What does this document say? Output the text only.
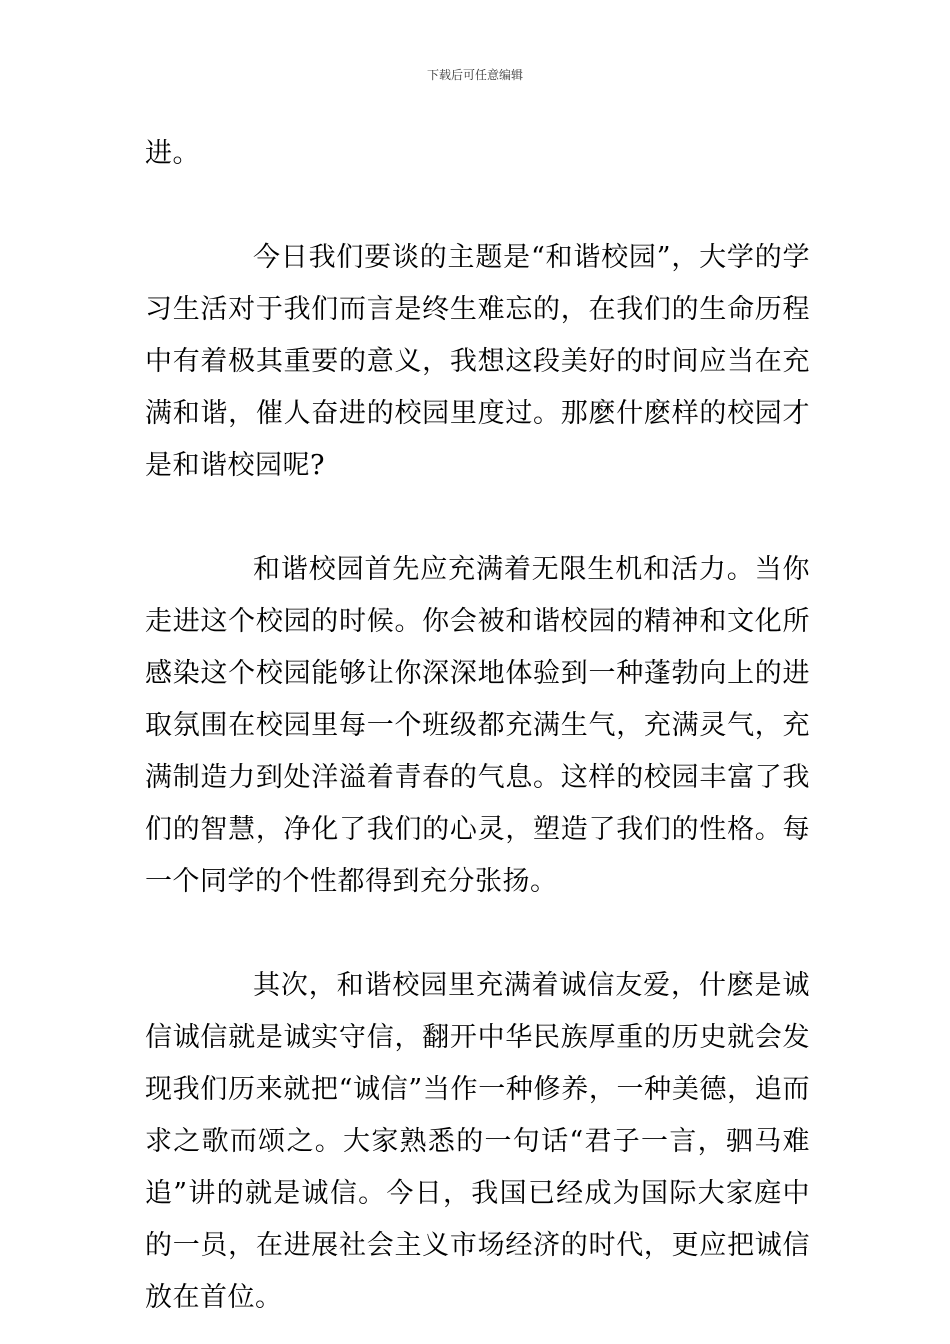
下载后可任意编辑

进。

今日我们要谈的主题是“和谐校园”，大学的学习生活对于我们而言是终生难忘的，在我们的生命历程中有着极其重要的意义，我想这段美好的时间应当在充满和谐，催人奋进的校园里度过。那麽什麽样的校园才是和谐校园呢?

和谐校园首先应充满着无限生机和活力。当你走进这个校园的时候。你会被和谐校园的精神和文化所感染这个校园能够让你深深地体验到一种蓬勃向上的进取氛围在校园里每一个班级都充满生气，充满灵气，充满制造力到处洋溢着青春的气息。这样的校园丰富了我们的智慧，净化了我们的心灵，塑造了我们的性格。每一个同学的个性都得到充分张扬。

其次，和谐校园里充满着诚信友爱，什麽是诚信诚信就是诚实守信，翻开中华民族厚重的历史就会发现我们历来就把“诚信”当作一种修养，一种美德，追而求之歌而颂之。大家熟悉的一句话“君子一言，驷马难追”讲的就是诚信。今日，我国已经成为国际大家庭中的一员，在进展社会主义市场经济的时代，更应把诚信放在首位。
